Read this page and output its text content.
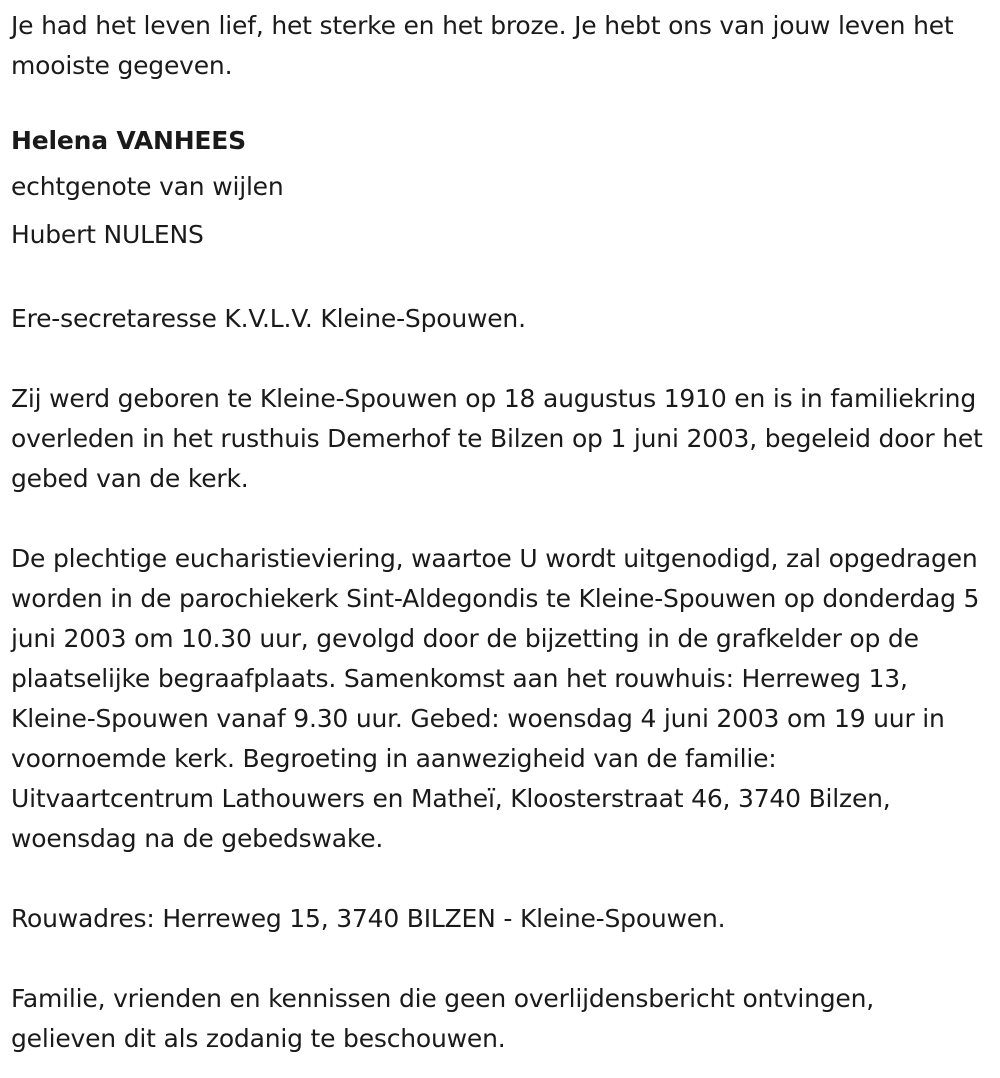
Je had het leven lief, het sterke en het broze. Je hebt ons van jouw leven het mooiste gegeven.

Helena VANHEES

echtgenote van wijlen

Hubert NULENS

Ere-secretaresse K.V.L.V. Kleine-Spouwen.

Zij werd geboren te Kleine-Spouwen op 18 augustus 1910 en is in familiekring overleden in het rusthuis Demerhof te Bilzen op 1 juni 2003, begeleid door het gebed van de kerk.

De plechtige eucharistieviering, waartoe U wordt uitgenodigd, zal opgedragen worden in de parochiekerk Sint-Aldegondis te Kleine-Spouwen op donderdag 5 juni 2003 om 10.30 uur, gevolgd door de bijzetting in de grafkelder op de plaatselijke begraafplaats. Samenkomst aan het rouwhuis: Herreweg 13, Kleine-Spouwen vanaf 9.30 uur. Gebed: woensdag 4 juni 2003 om 19 uur in voornoemde kerk. Begroeting in aanwezigheid van de familie: Uitvaartcentrum Lathouwers en Matheï, Kloosterstraat 46, 3740 Bilzen, woensdag na de gebedswake.

Rouwadres: Herreweg 15, 3740 BILZEN - Kleine-Spouwen.

Familie, vrienden en kennissen die geen overlijdensbericht ontvingen, gelieven dit als zodanig te beschouwen.
